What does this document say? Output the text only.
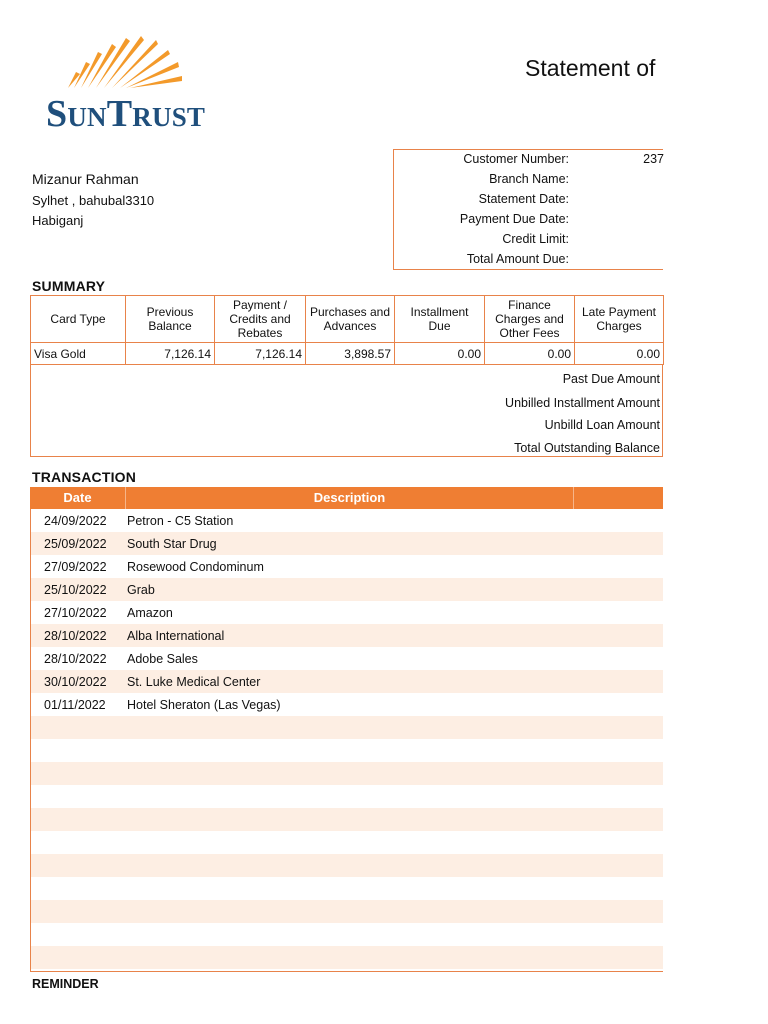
SUNTRUST
Statement of
Mizanur Rahman
Sylhet , bahubal3310
Habiganj
Customer Number:	237
Branch Name:
Statement Date:
Payment Due Date:
Credit Limit:
Total Amount Due:
SUMMARY
Card Type	Previous Balance	Payment / Credits and Rebates	Purchases and Advances	Installment Due	Finance Charges and Other Fees	Late Payment Charges
Visa Gold	7,126.14	7,126.14	3,898.57	0.00	0.00	0.00
Past Due Amount
Unbilled Installment Amount
Unbilld Loan Amount
Total Outstanding Balance
TRANSACTION
Date	Description
24/09/2022 Petron - C5 Station
25/09/2022 South Star Drug
27/09/2022 Rosewood Condominum
25/10/2022 Grab
27/10/2022 Amazon
28/10/2022 Alba International
28/10/2022 Adobe Sales
30/10/2022 St. Luke Medical Center
01/11/2022 Hotel Sheraton (Las Vegas)
REMINDER
